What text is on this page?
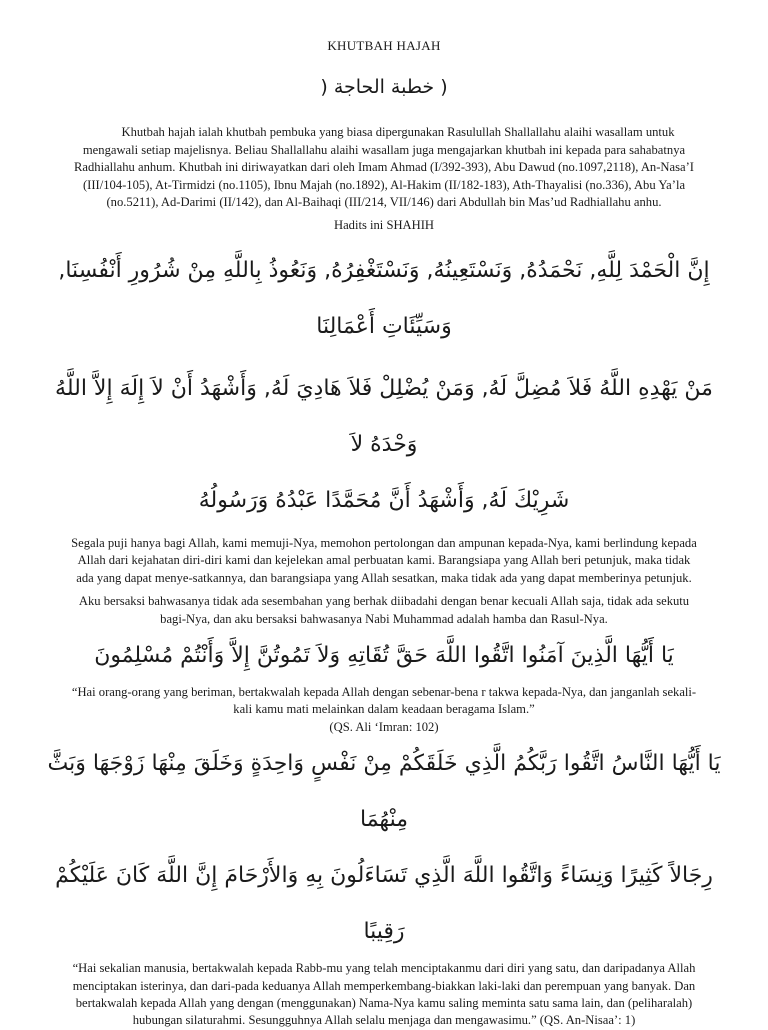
KHUTBAH HAJAH
( خطبة الحاجة (

Khutbah hajah ialah khutbah pembuka yang biasa dipergunakan Rasulullah Shallallahu alaihi wasallam untuk mengawali setiap majelisnya. Beliau Shallallahu alaihi wasallam juga mengajarkan khutbah ini kepada para sahabatnya Radhiallahu anhum. Khutbah ini diriwayatkan dari oleh Imam Ahmad (I/392-393), Abu Dawud (no.1097,2118), An-Nasa’I (III/104-105), At-Tirmidzi (no.1105), Ibnu Majah (no.1892), Al-Hakim (II/182-183), Ath-Thayalisi (no.336), Abu Ya’la (no.5211), Ad-Darimi (II/142), dan Al-Baihaqi (III/214, VII/146) dari Abdullah bin Mas’ud Radhiallahu anhu.

Hadits ini SHAHIH
إِنَّ الْحَمْدَ لِلَّهِ, نَحْمَدُهُ, وَنَسْتَعِينُهُ, وَنَسْتَغْفِرُهُ, وَنَعُوذُ بِاللَّهِ مِنْ شُرُورِ أَنْفُسِنَا,
وَسَيِّئَاتِ أَعْمَالِنَا
مَنْ يَهْدِهِ اللَّهُ فَلاَ مُضِلَّ لَهُ, وَمَنْ يُضْلِلْ فَلاَ هَادِيَ لَهُ, وَأَشْهَدُ أَنْ لاَ إِلَهَ إِلاَّ اللَّهُ وَحْدَهُ لاَ
شَرِيْكَ لَهُ, وَأَشْهَدُ أَنَّ مُحَمَّدًا عَبْدُهُ وَرَسُولُهُ

Segala puji hanya bagi Allah, kami memuji-Nya, memohon pertolongan dan ampunan kepada-Nya, kami berlindung kepada Allah dari kejahatan diri-diri kami dan kejelekan amal perbuatan kami. Barangsiapa yang Allah beri petunjuk, maka tidak ada yang dapat menye-satkannya, dan barangsiapa yang Allah sesatkan, maka tidak ada yang dapat memberinya petunjuk.

Aku bersaksi bahwasanya tidak ada sesembahan yang berhak diibadahi dengan benar kecuali Allah saja, tidak ada sekutu bagi-Nya, dan aku bersaksi bahwasanya Nabi Muhammad adalah hamba dan Rasul-Nya.

يَا أَيُّهَا الَّذِينَ آمَنُوا اتَّقُوا اللَّهَ حَقَّ تُقَاتِهِ وَلاَ تَمُوتُنَّ إِلاَّ وَأَنْتُمْ مُسْلِمُونَ

“Hai orang-orang yang beriman, bertakwalah kepada Allah dengan sebenar-bena r takwa kepada-Nya, dan janganlah sekali-kali kamu mati melainkan dalam keadaan beragama Islam.”

(QS. Ali ‘Imran: 102)

يَا أَيُّهَا النَّاسُ اتَّقُوا رَبَّكُمُ الَّذِي خَلَقَكُمْ مِنْ نَفْسٍ وَاحِدَةٍ وَخَلَقَ مِنْهَا زَوْجَهَا وَبَثَّ مِنْهُمَا
رِجَالاً كَثِيرًا وَنِسَاءً وَاتَّقُوا اللَّهَ الَّذِي تَسَاءَلُونَ بِهِ وَالأَرْحَامَ إِنَّ اللَّهَ كَانَ عَلَيْكُمْ رَقِيبًا

“Hai sekalian manusia, bertakwalah kepada Rabb-mu yang telah menciptakanmu dari diri yang satu, dan daripadanya Allah menciptakan isterinya, dan dari-pada keduanya Allah memperkembang-biakkan laki-laki dan perempuan yang banyak. Dan bertakwalah kepada Allah yang dengan (menggunakan) Nama-Nya kamu saling meminta satu sama lain, dan (peliharalah) hubungan silaturahmi. Sesungguhnya Allah selalu menjaga dan mengawasimu.” (QS. An-Nisaa’: 1)
